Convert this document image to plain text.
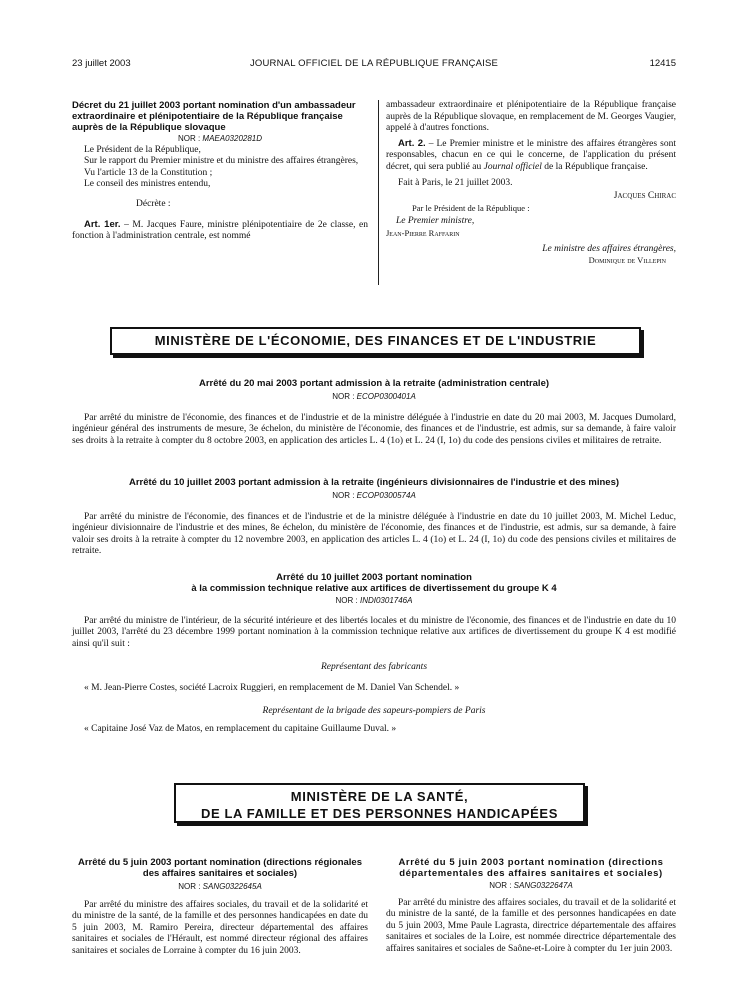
23 juillet 2003	JOURNAL OFFICIEL DE LA RÉPUBLIQUE FRANÇAISE	12415

Décret du 21 juillet 2003 portant nomination d'un ambassadeur extraordinaire et plénipotentiaire de la République française auprès de la République slovaque

NOR : MAEA0320281D

Le Président de la République,

Sur le rapport du Premier ministre et du ministre des affaires étrangères,

Vu l'article 13 de la Constitution ;

Le conseil des ministres entendu,

Décrète :

Art. 1er. – M. Jacques Faure, ministre plénipotentiaire de 2e classe, en fonction à l'administration centrale, est nommé

ambassadeur extraordinaire et plénipotentiaire de la République française auprès de la République slovaque, en remplacement de M. Georges Vaugier, appelé à d'autres fonctions.

Art. 2. – Le Premier ministre et le ministre des affaires étrangères sont responsables, chacun en ce qui le concerne, de l'application du présent décret, qui sera publié au Journal officiel de la République française.

Fait à Paris, le 21 juillet 2003.

Jacques Chirac

Par le Président de la République :

Le Premier ministre,

Jean-Pierre Raffarin

Le ministre des affaires étrangères,

Dominique de Villepin

MINISTÈRE DE L'ÉCONOMIE, DES FINANCES ET DE L'INDUSTRIE

Arrêté du 20 mai 2003 portant admission à la retraite (administration centrale)

NOR : ECOP0300401A

Par arrêté du ministre de l'économie, des finances et de l'industrie et de la ministre déléguée à l'industrie en date du 20 mai 2003, M. Jacques Dumolard, ingénieur général des instruments de mesure, 3e échelon, du ministère de l'économie, des finances et de l'industrie, est admis, sur sa demande, à faire valoir ses droits à la retraite à compter du 8 octobre 2003, en application des articles L. 4 (1o) et L. 24 (I, 1o) du code des pensions civiles et militaires de retraite.

Arrêté du 10 juillet 2003 portant admission à la retraite (ingénieurs divisionnaires de l'industrie et des mines)

NOR : ECOP0300574A

Par arrêté du ministre de l'économie, des finances et de l'industrie et de la ministre déléguée à l'industrie en date du 10 juillet 2003, M. Michel Leduc, ingénieur divisionnaire de l'industrie et des mines, 8e échelon, du ministère de l'économie, des finances et de l'industrie, est admis, sur sa demande, à faire valoir ses droits à la retraite à compter du 12 novembre 2003, en application des articles L. 4 (1o) et L. 24 (I, 1o) du code des pensions civiles et militaires de retraite.

Arrêté du 10 juillet 2003 portant nomination

à la commission technique relative aux artifices de divertissement du groupe K 4

NOR : INDI0301746A

Par arrêté du ministre de l'intérieur, de la sécurité intérieure et des libertés locales et du ministre de l'économie, des finances et de l'industrie en date du 10 juillet 2003, l'arrêté du 23 décembre 1999 portant nomination à la commission technique relative aux artifices de divertissement du groupe K 4 est modifié ainsi qu'il suit :

Représentant des fabricants

« M. Jean-Pierre Costes, société Lacroix Ruggieri, en remplacement de M. Daniel Van Schendel. »

Représentant de la brigade des sapeurs-pompiers de Paris

« Capitaine José Vaz de Matos, en remplacement du capitaine Guillaume Duval. »

MINISTÈRE DE LA SANTÉ,
DE LA FAMILLE ET DES PERSONNES HANDICAPÉES

Arrêté du 5 juin 2003 portant nomination (directions régionales des affaires sanitaires et sociales)

NOR : SANG0322645A

Par arrêté du ministre des affaires sociales, du travail et de la solidarité et du ministre de la santé, de la famille et des personnes handicapées en date du 5 juin 2003, M. Ramiro Pereira, directeur départemental des affaires sanitaires et sociales de l'Hérault, est nommé directeur régional des affaires sanitaires et sociales de Lorraine à compter du 16 juin 2003.

Arrêté du 5 juin 2003 portant nomination (directions départementales des affaires sanitaires et sociales)

NOR : SANG0322647A

Par arrêté du ministre des affaires sociales, du travail et de la solidarité et du ministre de la santé, de la famille et des personnes handicapées en date du 5 juin 2003, Mme Paule Lagrasta, directrice départementale des affaires sanitaires et sociales de la Loire, est nommée directrice départementale des affaires sanitaires et sociales de Saône-et-Loire à compter du 1er juin 2003.
